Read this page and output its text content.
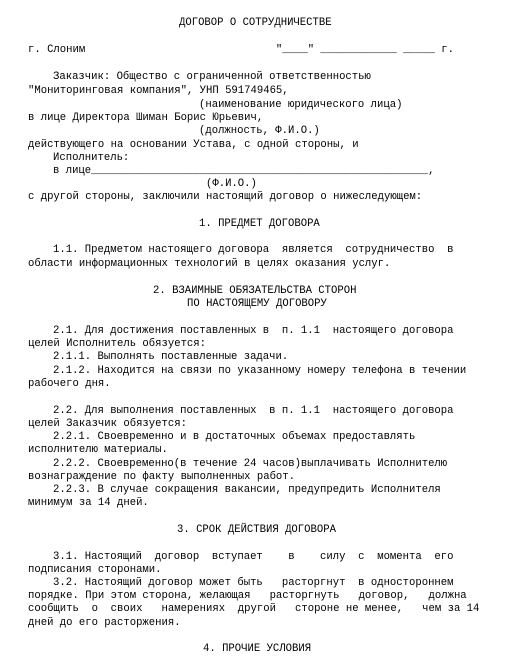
ДОГОВОР О СОТРУДНИЧЕСТВЕ
г. Слоним                              "____" ____________ _____ г.
Заказчик: Общество с ограниченной ответственностью
"Мониторинговая компания", УНП 591749465,
(наименование юридического лица)
в лице Директора Шиман Борис Юрьевич,
(должность, Ф.И.О.)
действующего на основании Устава, с одной стороны, и
Исполнитель:
в лице_____________________________________________________,
(Ф.И.О.)
с другой стороны, заключили настоящий договор о нижеследующем:
1. ПРЕДМЕТ ДОГОВОРА
1.1. Предметом настоящего договора  является  сотрудничество  в
области информационных технологий в целях оказания услуг.
2. ВЗАИМНЫЕ ОБЯЗАТЕЛЬСТВА СТОРОН
ПО НАСТОЯЩЕМУ ДОГОВОРУ
2.1. Для достижения поставленных в  п. 1.1  настоящего договора
целей Исполнитель обязуется:
2.1.1. Выполнять поставленные задачи.
2.1.2. Находится на связи по указанному номеру телефона в течении
рабочего дня.
2.2. Для выполнения поставленных  в п. 1.1  настоящего договора
целей Заказчик обязуется:
2.2.1. Своевременно и в достаточных объемах предоставлять
исполнителю материалы.
2.2.2. Своевременно(в течение 24 часов)выплачивать Исполнителю
вознаграждение по факту выполненных работ.
2.2.3. В случае сокращения вакансии, предупредить Исполнителя
минимум за 14 дней.
3. СРОК ДЕЙСТВИЯ ДОГОВОРА
3.1. Настоящий  договор  вступает    в    силу  с  момента  его
подписания сторонами.
3.2. Настоящий договор может быть   расторгнут  в одностороннем
порядке. При этом сторона, желающая   расторгнуть   договор,   должна
сообщить  о  своих   намерениях  другой   стороне не менее,   чем за 14
дней до его расторжения.
4. ПРОЧИЕ УСЛОВИЯ
